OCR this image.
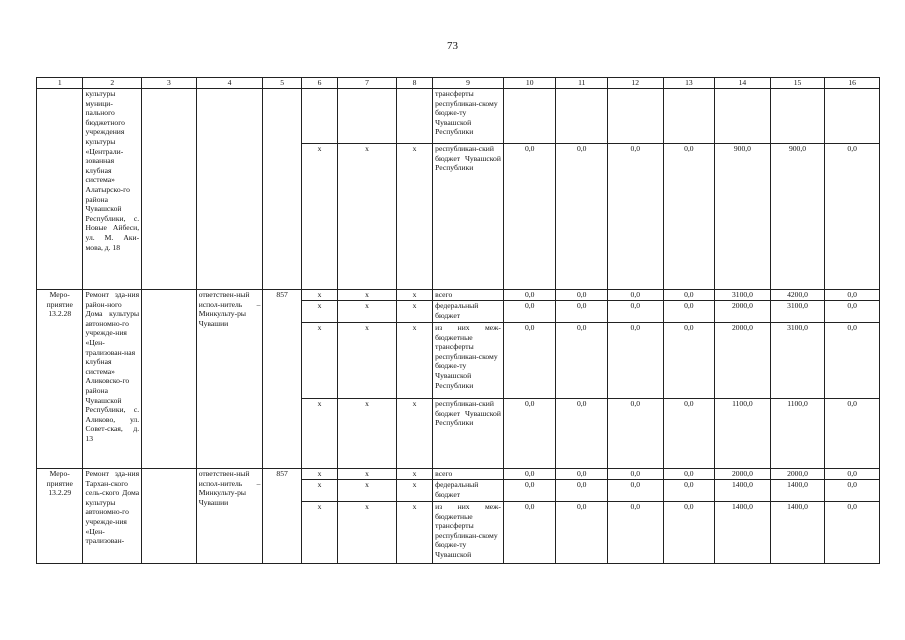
73
1	2	3	4	5	6	7	8	9	10	11	12	13	14	15	16
	культуры муници-пального бюджетного учреждения культуры «Централи-зованная клубная система» Алатырско-го района Чувашской Республики, с. Новые Айбеси, ул. М. Аки-мова, д. 18							трансферты республикан-скому бюдже-ту Чувашской Республики							
					х	х	х	республикан-ский бюджет Чувашской Республики	0,0	0,0	0,0	0,0	900,0	900,0	0,0
Меро-приятие 13.2.28	Ремонт зда-ния район-ного Дома культуры автономно-го учрежде-ния «Цен-трализован-ная клубная система» Аликовско-го района Чувашской Республики, с. Аликово, ул. Совет-ская, д. 13		ответствен-ный испол-нитель – Минкульту-ры Чувашии	857	х	х	х	всего	0,0	0,0	0,0	0,0	3100,0	4200,0	0,0
					х	х	х	федеральный бюджет	0,0	0,0	0,0	0,0	2000,0	3100,0	0,0
					х	х	х	из них меж-бюджетные трансферты республикан-скому бюдже-ту Чувашской Республики	0,0	0,0	0,0	0,0	2000,0	3100,0	0,0
					х	х	х	республикан-ский бюджет Чувашской Республики	0,0	0,0	0,0	0,0	1100,0	1100,0	0,0
Меро-приятие 13.2.29	Ремонт зда-ния Тархан-ского сель-ского Дома культуры автономно-го учрежде-ния «Цен-трализован-		ответствен-ный испол-нитель – Минкульту-ры Чувашии	857	х	х	х	всего	0,0	0,0	0,0	0,0	2000,0	2000,0	0,0
					х	х	х	федеральный бюджет	0,0	0,0	0,0	0,0	1400,0	1400,0	0,0
					х	х	х	из них меж-бюджетные трансферты республикан-скому бюдже-ту Чувашской	0,0	0,0	0,0	0,0	1400,0	1400,0	0,0
